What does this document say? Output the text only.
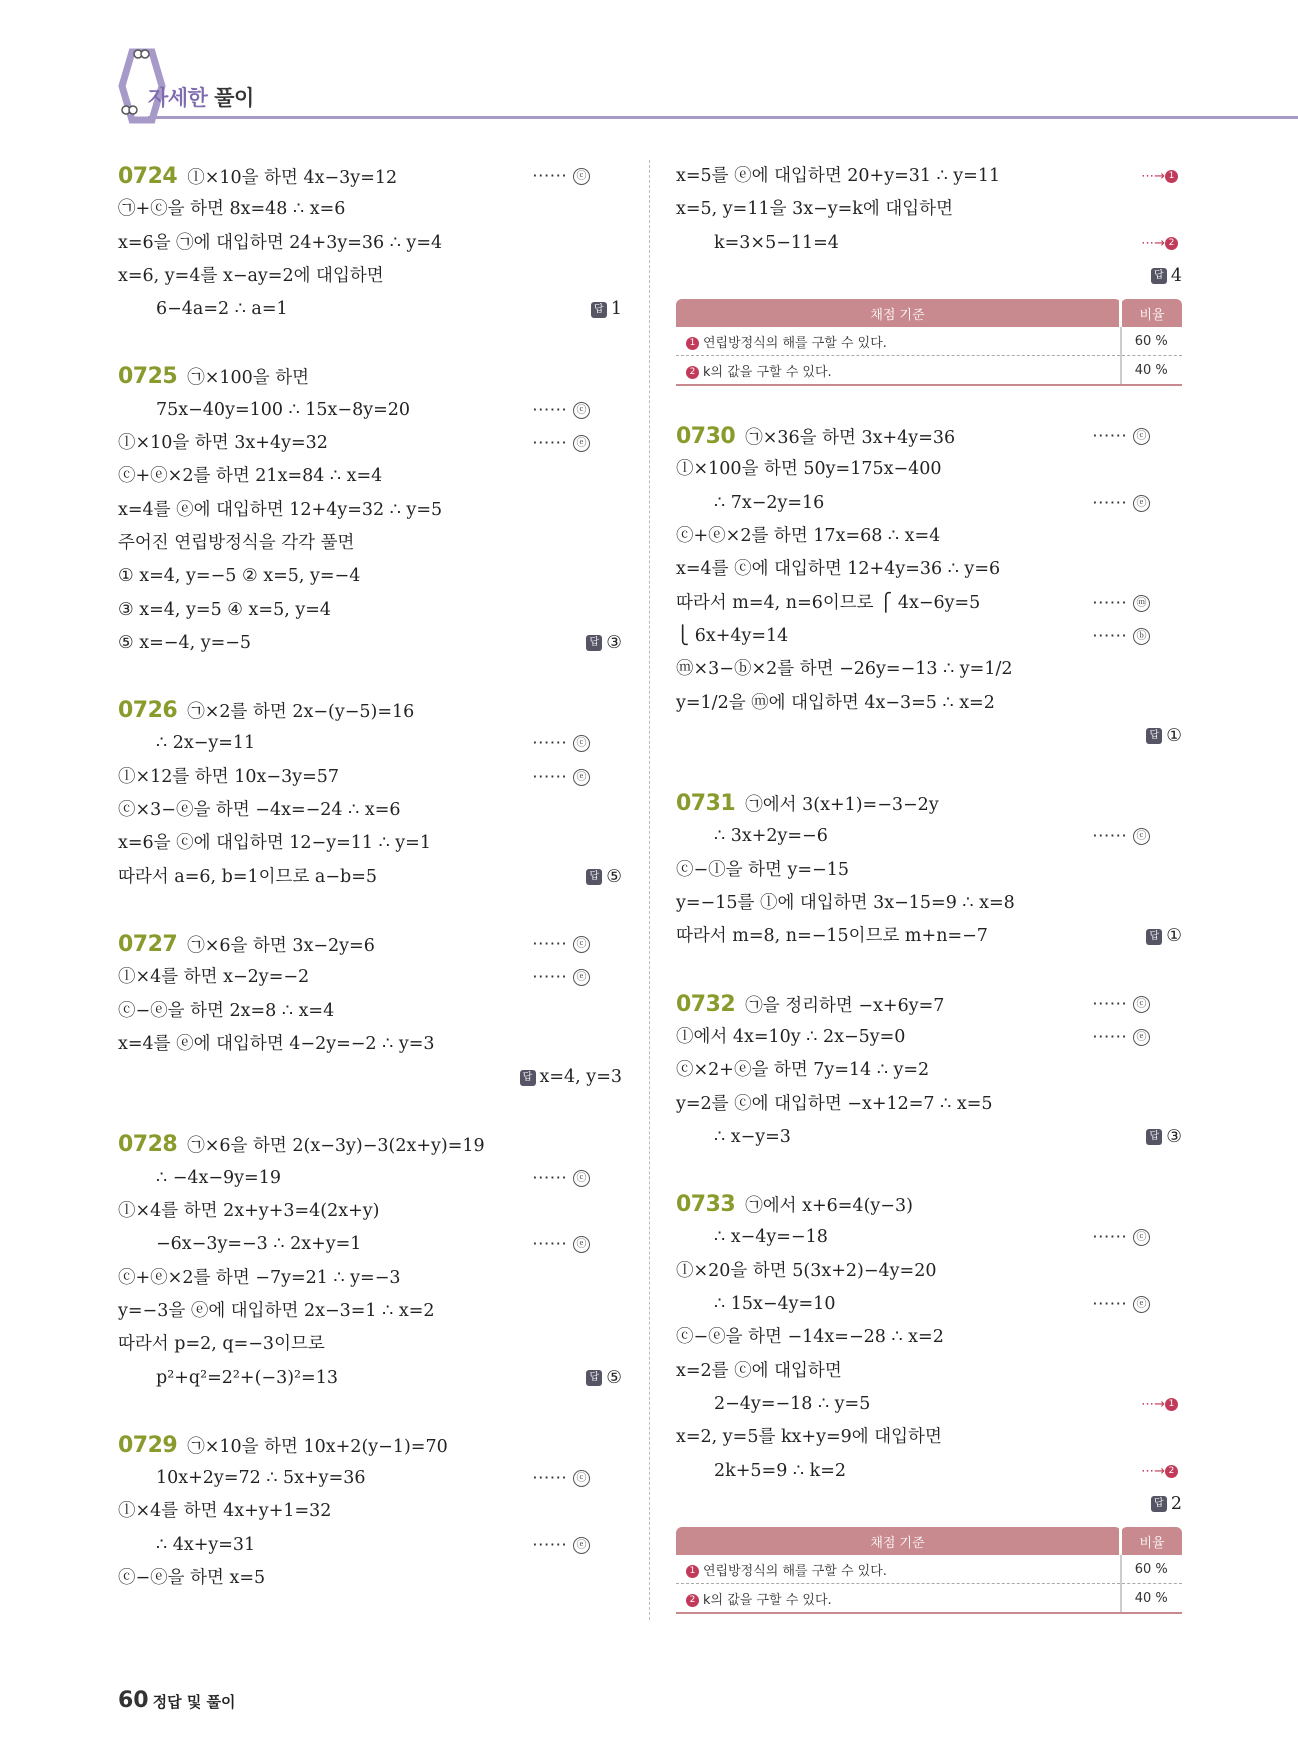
자세한 풀이
0724 ⓛ×10을 하면 4x−3y=12	⋯⋯ ⓒ
㉠+ⓒ을 하면 8x=48 ∴ x=6
x=6을 ㉠에 대입하면 24+3y=36 ∴ y=4
x=6, y=4를 x−ay=2에 대입하면
6−4a=2 ∴ a=1	답 1
0725 ㉠×100을 하면
75x−40y=100 ∴ 15x−8y=20	⋯⋯ ⓒ
ⓛ×10을 하면 3x+4y=32	⋯⋯ ⓔ
ⓒ+ⓔ×2를 하면 21x=84 ∴ x=4
x=4를 ⓔ에 대입하면 12+4y=32 ∴ y=5
주어진 연립방정식을 각각 풀면
① x=4, y=−5 ② x=5, y=−4
③ x=4, y=5 ④ x=5, y=4
⑤ x=−4, y=−5	답 ③
0726 ㉠×2를 하면 2x−(y−5)=16
∴ 2x−y=11	⋯⋯ ⓒ
ⓛ×12를 하면 10x−3y=57	⋯⋯ ⓔ
ⓒ×3−ⓔ을 하면 −4x=−24 ∴ x=6
x=6을 ⓒ에 대입하면 12−y=11 ∴ y=1
따라서 a=6, b=1이므로 a−b=5	답 ⑤
0727 ㉠×6을 하면 3x−2y=6	⋯⋯ ⓒ
ⓛ×4를 하면 x−2y=−2	⋯⋯ ⓔ
ⓒ−ⓔ을 하면 2x=8 ∴ x=4
x=4를 ⓔ에 대입하면 4−2y=−2 ∴ y=3
답 x=4, y=3
0728 ㉠×6을 하면 2(x−3y)−3(2x+y)=19
∴ −4x−9y=19	⋯⋯ ⓒ
ⓛ×4를 하면 2x+y+3=4(2x+y)
−6x−3y=−3 ∴ 2x+y=1	⋯⋯ ⓔ
ⓒ+ⓔ×2를 하면 −7y=21 ∴ y=−3
y=−3을 ⓔ에 대입하면 2x−3=1 ∴ x=2
따라서 p=2, q=−3이므로
p²+q²=2²+(−3)²=13	답 ⑤
0729 ㉠×10을 하면 10x+2(y−1)=70
10x+2y=72 ∴ 5x+y=36	⋯⋯ ⓒ
ⓛ×4를 하면 4x+y+1=32
∴ 4x+y=31	⋯⋯ ⓔ
ⓒ−ⓔ을 하면 x=5
x=5를 ⓔ에 대입하면 20+y=31 ∴ y=11	⋯→ 1
x=5, y=11을 3x−y=k에 대입하면
k=3×5−11=4	⋯→ 2
답 4
채점 기준	비율
1 연립방정식의 해를 구할 수 있다.	60 %
2 k의 값을 구할 수 있다.	40 %
0730 ㉠×36을 하면 3x+4y=36	⋯⋯ ⓒ
ⓛ×100을 하면 50y=175x−400
∴ 7x−2y=16	⋯⋯ ⓔ
ⓒ+ⓔ×2를 하면 17x=68 ∴ x=4
x=4를 ⓒ에 대입하면 12+4y=36 ∴ y=6
따라서 m=4, n=6이므로 ⎧ 4x−6y=5	⋯⋯ ⓜ
⎩ 6x+4y=14	⋯⋯ ⓑ
ⓜ×3−ⓑ×2를 하면 −26y=−13 ∴ y=1/2
y=1/2을 ⓜ에 대입하면 4x−3=5 ∴ x=2
답 ①
0731 ㉠에서 3(x+1)=−3−2y
∴ 3x+2y=−6	⋯⋯ ⓒ
ⓒ−ⓛ을 하면 y=−15
y=−15를 ⓛ에 대입하면 3x−15=9 ∴ x=8
따라서 m=8, n=−15이므로 m+n=−7	답 ①
0732 ㉠을 정리하면 −x+6y=7	⋯⋯ ⓒ
ⓛ에서 4x=10y ∴ 2x−5y=0	⋯⋯ ⓔ
ⓒ×2+ⓔ을 하면 7y=14 ∴ y=2
y=2를 ⓒ에 대입하면 −x+12=7 ∴ x=5
∴ x−y=3	답 ③
0733 ㉠에서 x+6=4(y−3)
∴ x−4y=−18	⋯⋯ ⓒ
ⓛ×20을 하면 5(3x+2)−4y=20
∴ 15x−4y=10	⋯⋯ ⓔ
ⓒ−ⓔ을 하면 −14x=−28 ∴ x=2
x=2를 ⓒ에 대입하면
2−4y=−18 ∴ y=5	⋯→ 1
x=2, y=5를 kx+y=9에 대입하면
2k+5=9 ∴ k=2	⋯→ 2
답 2
채점 기준	비율
1 연립방정식의 해를 구할 수 있다.	60 %
2 k의 값을 구할 수 있다.	40 %
60 정답 및 풀이
